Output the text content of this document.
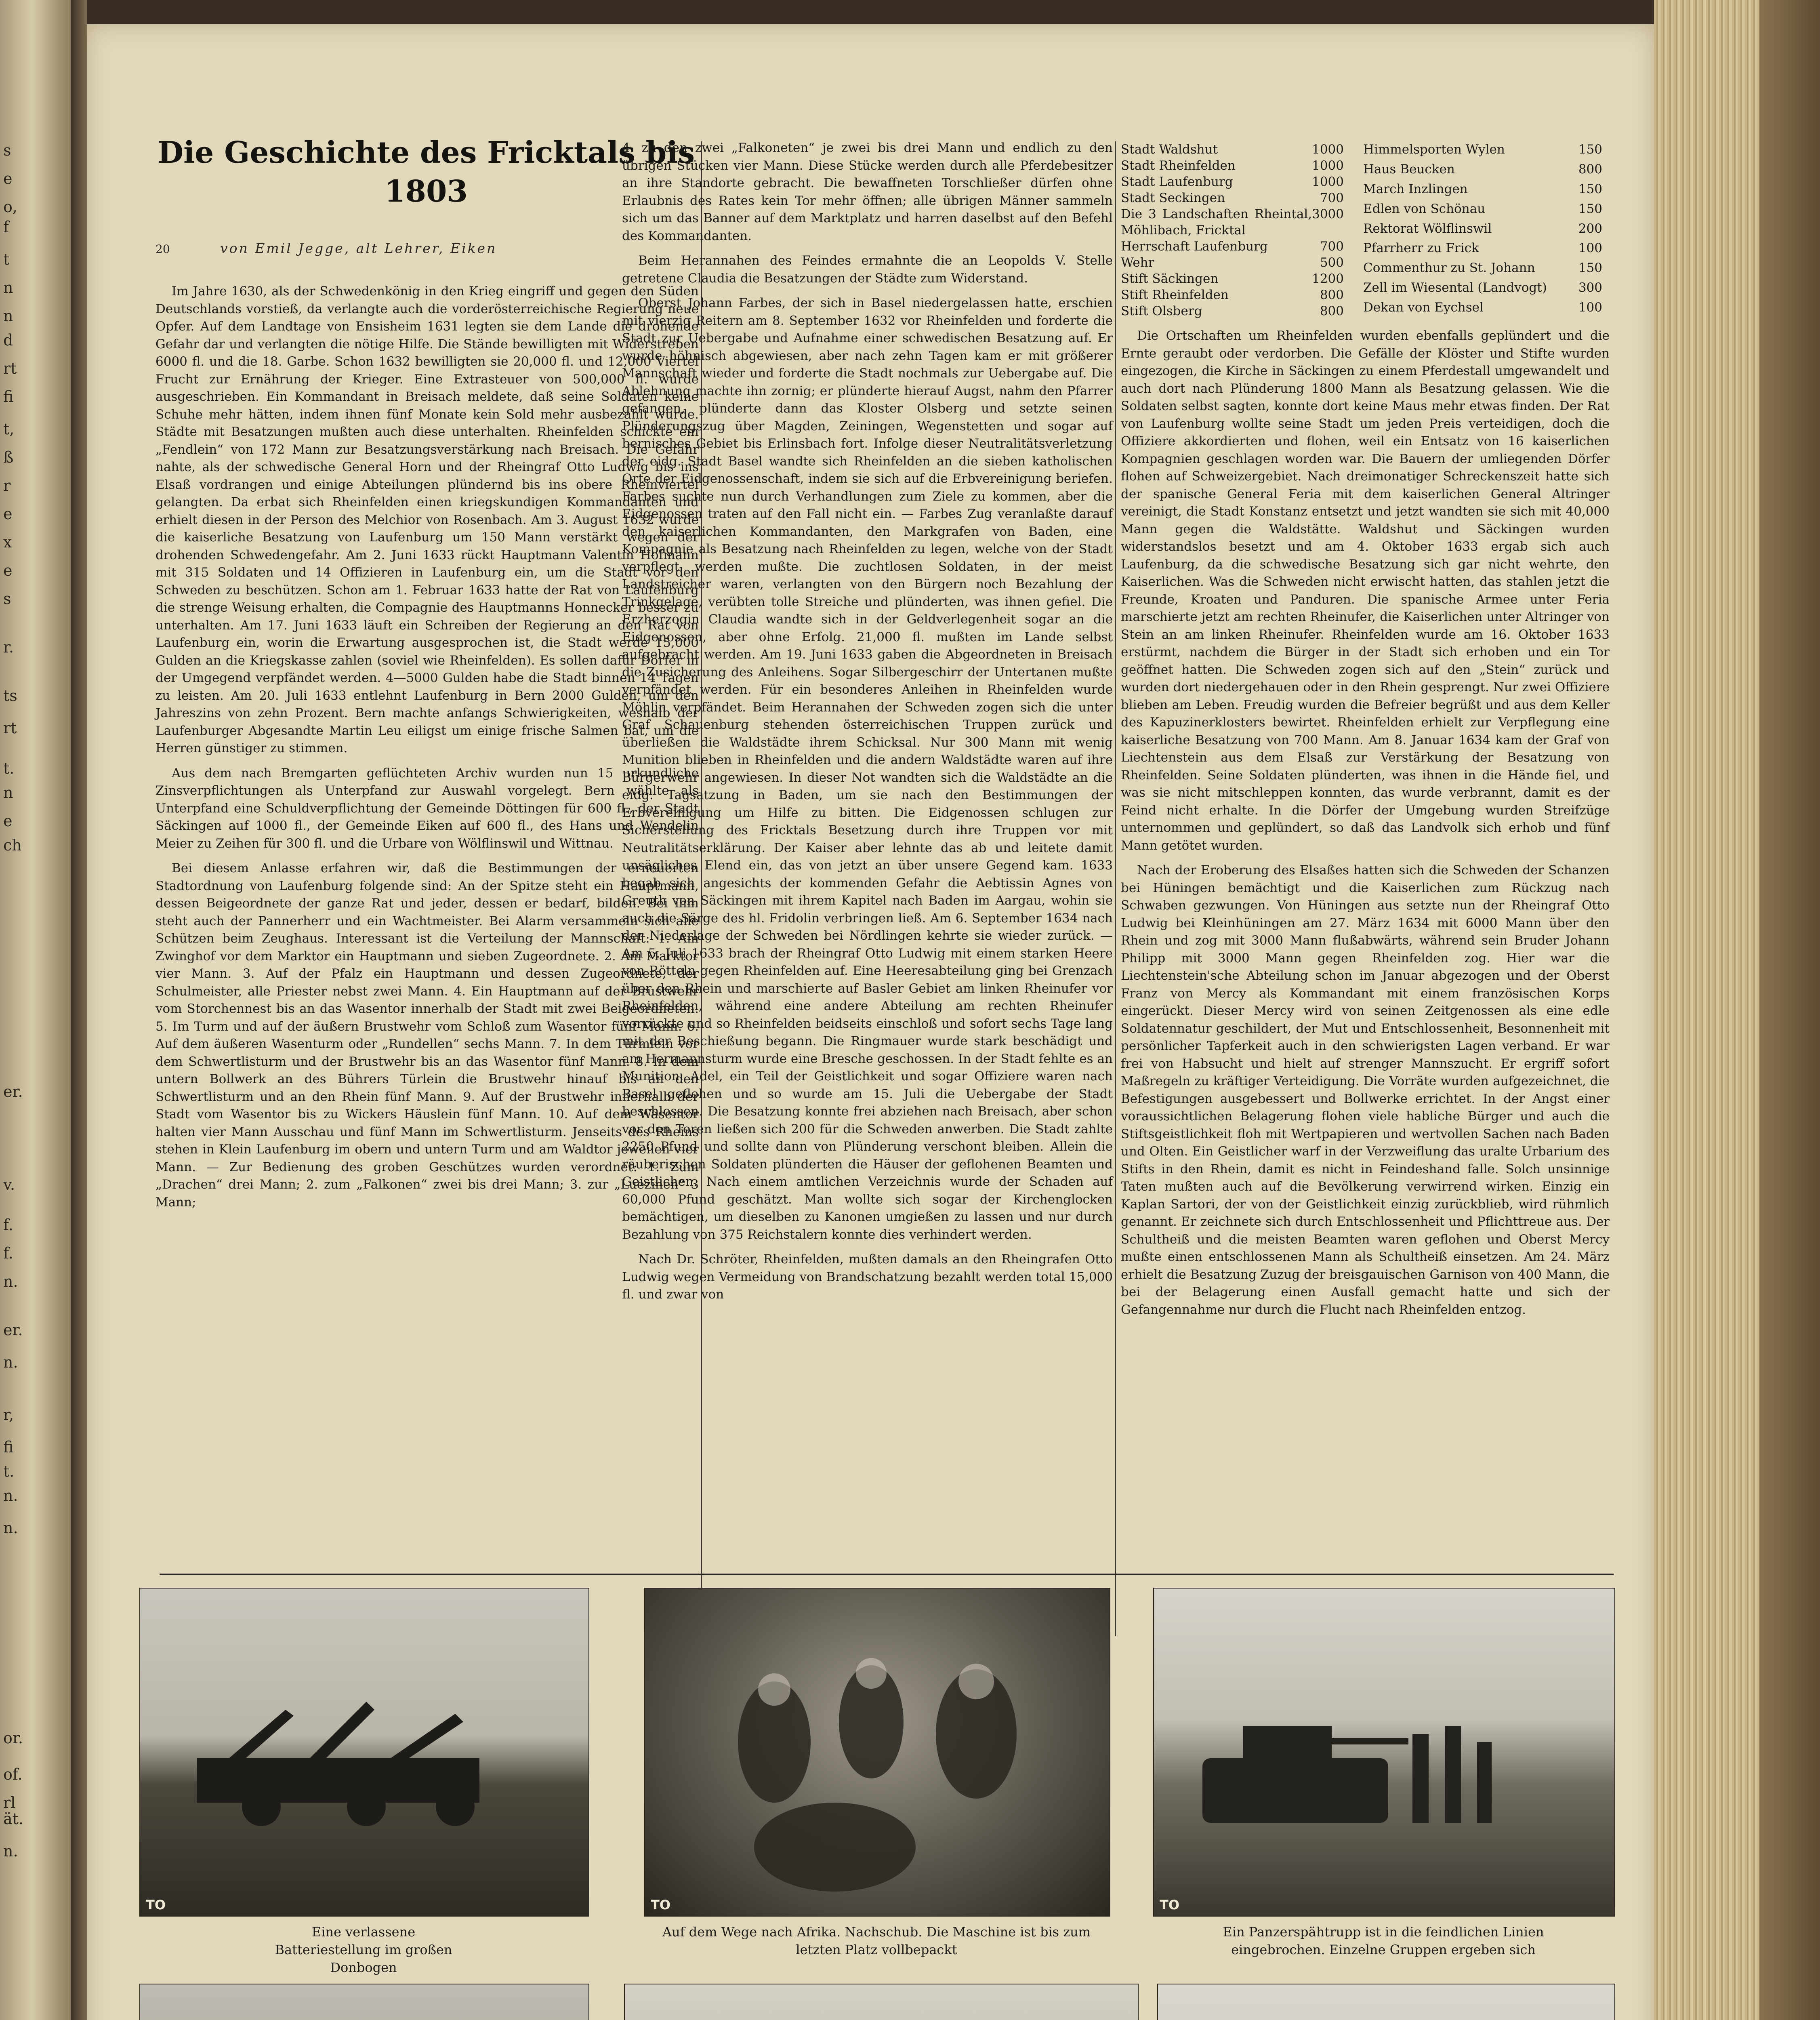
s
e
o,
f
t
n
n
d
rt
fi
t,
ß
r
e
x
e
s
r.
ts
rt
t.
n
e
ch
er.
v.
f.
f.
n.
er.
n.
r,
fi
t.
n.
n.
or.
of.
rl
ät.
n.
Die Geschichte des Fricktals bis 1803
20	von Emil Jegge, alt Lehrer, Eiken

Im Jahre 1630, als der Schwedenkönig in den Krieg eingriff und gegen den Süden Deutschlands vorstieß, da verlangte auch die vorderösterreichische Regierung neue Opfer. Auf dem Landtage von Ensisheim 1631 legten sie dem Lande die drohende Gefahr dar und verlangten die nötige Hilfe. Die Stände bewilligten mit Widerstreben 6000 fl. und die 18. Garbe. Schon 1632 bewilligten sie 20,000 fl. und 12,000 Viertel Frucht zur Ernährung der Krieger. Eine Extrasteuer von 500,000 fl. wurde ausgeschrieben. Ein Kommandant in Breisach meldete, daß seine Soldaten keine Schuhe mehr hätten, indem ihnen fünf Monate kein Sold mehr ausbezahlt wurde. Städte mit Besatzungen mußten auch diese unterhalten. Rheinfelden schickte ein „Fendlein“ von 172 Mann zur Besatzungsverstärkung nach Breisach. Die Gefahr nahte, als der schwedische General Horn und der Rheingraf Otto Ludwig bis ins Elsaß vordrangen und einige Abteilungen plündernd bis ins obere Rheinviertel gelangten. Da erbat sich Rheinfelden einen kriegskundigen Kommandanten und erhielt diesen in der Person des Melchior von Rosenbach. Am 3. August 1632 wurde die kaiserliche Besatzung von Laufenburg um 150 Mann verstärkt wegen der drohenden Schwedengefahr. Am 2. Juni 1633 rückt Hauptmann Valentin Hofmann mit 315 Soldaten und 14 Offizieren in Laufenburg ein, um die Stadt vor den Schweden zu beschützen. Schon am 1. Februar 1633 hatte der Rat von Laufenburg die strenge Weisung erhalten, die Compagnie des Hauptmanns Honnecker besser zu unterhalten. Am 17. Juni 1633 läuft ein Schreiben der Regierung an den Rat von Laufenburg ein, worin die Erwartung ausgesprochen ist, die Stadt werde 15,000 Gulden an die Kriegskasse zahlen (soviel wie Rheinfelden). Es sollen dafür Dörfer in der Umgegend verpfändet werden. 4—5000 Gulden habe die Stadt binnen 14 Tagen zu leisten. Am 20. Juli 1633 entlehnt Laufenburg in Bern 2000 Gulden, um den Jahreszins von zehn Prozent. Bern machte anfangs Schwierigkeiten, weshalb der Laufenburger Abgesandte Martin Leu eiligst um einige frische Salmen bat, um die Herren günstiger zu stimmen.

Aus dem nach Bremgarten geflüchteten Archiv wurden nun 15 urkundliche Zinsverpflichtungen als Unterpfand zur Auswahl vorgelegt. Bern wählte als Unterpfand eine Schuldverpflichtung der Gemeinde Döttingen für 600 fl., der Stadt Säckingen auf 1000 fl., der Gemeinde Eiken auf 600 fl., des Hans und Wendelin Meier zu Zeihen für 300 fl. und die Urbare von Wölflinswil und Wittnau.

Bei diesem Anlasse erfahren wir, daß die Bestimmungen der erneuerten Stadtordnung von Laufenburg folgende sind: An der Spitze steht ein Hauptmann, dessen Beigeordnete der ganze Rat und jeder, dessen er bedarf, bilden. Bei ihm steht auch der Pannerherr und ein Wachtmeister. Bei Alarm versammeln sich alle Schützen beim Zeughaus. Interessant ist die Verteilung der Mannschaft: 1. Am Zwinghof vor dem Marktor ein Hauptmann und sieben Zugeordnete. 2. Am Marktor vier Mann. 3. Auf der Pfalz ein Hauptmann und dessen Zugeordnete, der Schulmeister, alle Priester nebst zwei Mann. 4. Ein Hauptmann auf der Brustwehr vom Storchennest bis an das Wasentor innerhalb der Stadt mit zwei Beigeordneten. 5. Im Turm und auf der äußern Brustwehr vom Schloß zum Wasentor fünf Mann. 6. Auf dem äußeren Wasenturm oder „Rundellen“ sechs Mann. 7. In dem Türmlein vor dem Schwertlisturm und der Brustwehr bis an das Wasentor fünf Mann. 8. In dem untern Bollwerk an des Bührers Türlein die Brustwehr hinauf bis an den Schwertlisturm und an den Rhein fünf Mann. 9. Auf der Brustwehr innerhalb der Stadt vom Wasentor bis zu Wickers Häuslein fünf Mann. 10. Auf dem Wasentor halten vier Mann Ausschau und fünf Mann im Schwertlisturm. Jenseits des Rheins stehen in Klein Laufenburg im obern und untern Turm und am Waldtor jeweilen vier Mann. — Zur Bedienung des groben Geschützes wurden verordnet: 1. Zum „Drachen“ drei Mann; 2. zum „Falkonen“ zwei bis drei Mann; 3. zur „Luezinen“ 3 Mann;

4. zu den zwei „Falkoneten“ je zwei bis drei Mann und endlich zu den übrigen Stücken vier Mann. Diese Stücke werden durch alle Pferdebesitzer an ihre Standorte gebracht. Die bewaffneten Torschließer dürfen ohne Erlaubnis des Rates kein Tor mehr öffnen; alle übrigen Männer sammeln sich um das Banner auf dem Marktplatz und harren daselbst auf den Befehl des Kommandanten.

Beim Herannahen des Feindes ermahnte die an Leopolds V. Stelle getretene Claudia die Besatzungen der Städte zum Widerstand.

Oberst Johann Farbes, der sich in Basel niedergelassen hatte, erschien mit vierzig Reitern am 8. September 1632 vor Rheinfelden und forderte die Stadt zur Uebergabe und Aufnahme einer schwedischen Besatzung auf. Er wurde höhnisch abgewiesen, aber nach zehn Tagen kam er mit größerer Mannschaft wieder und forderte die Stadt nochmals zur Uebergabe auf. Die Ablehnung machte ihn zornig; er plünderte hierauf Augst, nahm den Pfarrer gefangen, plünderte dann das Kloster Olsberg und setzte seinen Plünderungszug über Magden, Zeiningen, Wegenstetten und sogar auf bernisches Gebiet bis Erlinsbach fort. Infolge dieser Neutralitätsverletzung der eidg. Stadt Basel wandte sich Rheinfelden an die sieben katholischen Orte der Eidgenossenschaft, indem sie sich auf die Erbvereinigung beriefen. Farbes suchte nun durch Verhandlungen zum Ziele zu kommen, aber die Eidgenossen traten auf den Fall nicht ein. — Farbes Zug veranlaßte darauf den kaiserlichen Kommandanten, den Markgrafen von Baden, eine Kompagnie als Besatzung nach Rheinfelden zu legen, welche von der Stadt verpflegt werden mußte. Die zuchtlosen Soldaten, in der meist Landstreicher waren, verlangten von den Bürgern noch Bezahlung der Trinkgelage, verübten tolle Streiche und plünderten, was ihnen gefiel. Die Erzherzogin Claudia wandte sich in der Geldverlegenheit sogar an die Eidgenossen, aber ohne Erfolg. 21,000 fl. mußten im Lande selbst aufgebracht werden. Am 19. Juni 1633 gaben die Abgeordneten in Breisach die Zusicherung des Anleihens. Sogar Silbergeschirr der Untertanen mußte verpfändet werden. Für ein besonderes Anleihen in Rheinfelden wurde Möhlin verpfändet. Beim Herannahen der Schweden zogen sich die unter Graf Schauenburg stehenden österreichischen Truppen zurück und überließen die Waldstädte ihrem Schicksal. Nur 300 Mann mit wenig Munition blieben in Rheinfelden und die andern Waldstädte waren auf ihre Bürgerwehr angewiesen. In dieser Not wandten sich die Waldstädte an die eidg. Tagsatzung in Baden, um sie nach den Bestimmungen der Erbvereinigung um Hilfe zu bitten. Die Eidgenossen schlugen zur Sicherstellung des Fricktals Besetzung durch ihre Truppen vor mit Neutralitätserklärung. Der Kaiser aber lehnte das ab und leitete damit unsägliches Elend ein, das von jetzt an über unsere Gegend kam. 1633 begab sich angesichts der kommenden Gefahr die Aebtissin Agnes von Greuth von Säckingen mit ihrem Kapitel nach Baden im Aargau, wohin sie auch die Särge des hl. Fridolin verbringen ließ. Am 6. September 1634 nach der Niederlage der Schweden bei Nördlingen kehrte sie wieder zurück. — Am 5. Juli 1633 brach der Rheingraf Otto Ludwig mit einem starken Heere von Rötteln gegen Rheinfelden auf. Eine Heeresabteilung ging bei Grenzach über den Rhein und marschierte auf Basler Gebiet am linken Rheinufer vor Rheinfelden, während eine andere Abteilung am rechten Rheinufer vorrückte und so Rheinfelden beidseits einschloß und sofort sechs Tage lang mit der Beschießung begann. Die Ringmauer wurde stark beschädigt und am Hermannsturm wurde eine Bresche geschossen. In der Stadt fehlte es an Munition. Adel, ein Teil der Geistlichkeit und sogar Offiziere waren nach Basel geflohen und so wurde am 15. Juli die Uebergabe der Stadt beschlossen. Die Besatzung konnte frei abziehen nach Breisach, aber schon vor den Toren ließen sich 200 für die Schweden anwerben. Die Stadt zahlte 2250 Pfund und sollte dann von Plünderung verschont bleiben. Allein die räuberischen Soldaten plünderten die Häuser der geflohenen Beamten und Geistlichen. Nach einem amtlichen Verzeichnis wurde der Schaden auf 60,000 Pfund geschätzt. Man wollte sich sogar der Kirchenglocken bemächtigen, um dieselben zu Kanonen umgießen zu lassen und nur durch Bezahlung von 375 Reichstalern konnte dies verhindert werden.

Nach Dr. Schröter, Rheinfelden, mußten damals an den Rheingrafen Otto Ludwig wegen Vermeidung von Brandschatzung bezahlt werden total 15,000 fl. und zwar von

Stadt Waldshut	1000
Stadt Rheinfelden	1000
Stadt Laufenburg	1000
Stadt Seckingen	700
Die 3 Landschaften Rheintal, Möhlibach, Fricktal	3000
Herrschaft Laufenburg	700
Wehr	500
Stift Säckingen	1200
Stift Rheinfelden	800
Stift Olsberg	800
Himmelsporten Wylen	150
Haus Beucken	800
March Inzlingen	150
Edlen von Schönau	150
Rektorat Wölflinswil	200
Pfarrherr zu Frick	100
Commenthur zu St. Johann	150
Zell im Wiesental (Landvogt)	300
Dekan von Eychsel	100

Die Ortschaften um Rheinfelden wurden ebenfalls geplündert und die Ernte geraubt oder verdorben. Die Gefälle der Klöster und Stifte wurden eingezogen, die Kirche in Säckingen zu einem Pferdestall umgewandelt und auch dort nach Plünderung 1800 Mann als Besatzung gelassen. Wie die Soldaten selbst sagten, konnte dort keine Maus mehr etwas finden. Der Rat von Laufenburg wollte seine Stadt um jeden Preis verteidigen, doch die Offiziere akkordierten und flohen, weil ein Entsatz von 16 kaiserlichen Kompagnien geschlagen worden war. Die Bauern der umliegenden Dörfer flohen auf Schweizergebiet. Nach dreimonatiger Schreckenszeit hatte sich der spanische General Feria mit dem kaiserlichen General Altringer vereinigt, die Stadt Konstanz entsetzt und jetzt wandten sie sich mit 40,000 Mann gegen die Waldstätte. Waldshut und Säckingen wurden widerstandslos besetzt und am 4. Oktober 1633 ergab sich auch Laufenburg, da die schwedische Besatzung sich gar nicht wehrte, den Kaiserlichen. Was die Schweden nicht erwischt hatten, das stahlen jetzt die Freunde, Kroaten und Panduren. Die spanische Armee unter Feria marschierte jetzt am rechten Rheinufer, die Kaiserlichen unter Altringer von Stein an am linken Rheinufer. Rheinfelden wurde am 16. Oktober 1633 erstürmt, nachdem die Bürger in der Stadt sich erhoben und ein Tor geöffnet hatten. Die Schweden zogen sich auf den „Stein“ zurück und wurden dort niedergehauen oder in den Rhein gesprengt. Nur zwei Offiziere blieben am Leben. Freudig wurden die Befreier begrüßt und aus dem Keller des Kapuzinerklosters bewirtet. Rheinfelden erhielt zur Verpflegung eine kaiserliche Besatzung von 700 Mann. Am 8. Januar 1634 kam der Graf von Liechtenstein aus dem Elsaß zur Verstärkung der Besatzung von Rheinfelden. Seine Soldaten plünderten, was ihnen in die Hände fiel, und was sie nicht mitschleppen konnten, das wurde verbrannt, damit es der Feind nicht erhalte. In die Dörfer der Umgebung wurden Streifzüge unternommen und geplündert, so daß das Landvolk sich erhob und fünf Mann getötet wurden.

Nach der Eroberung des Elsaßes hatten sich die Schweden der Schanzen bei Hüningen bemächtigt und die Kaiserlichen zum Rückzug nach Schwaben gezwungen. Von Hüningen aus setzte nun der Rheingraf Otto Ludwig bei Kleinhüningen am 27. März 1634 mit 6000 Mann über den Rhein und zog mit 3000 Mann flußabwärts, während sein Bruder Johann Philipp mit 3000 Mann gegen Rheinfelden zog. Hier war die Liechtenstein'sche Abteilung schon im Januar abgezogen und der Oberst Franz von Mercy als Kommandant mit einem französischen Korps eingerückt. Dieser Mercy wird von seinen Zeitgenossen als eine edle Soldatennatur geschildert, der Mut und Entschlossenheit, Besonnenheit mit persönlicher Tapferkeit auch in den schwierigsten Lagen verband. Er war frei von Habsucht und hielt auf strenger Mannszucht. Er ergriff sofort Maßregeln zu kräftiger Verteidigung. Die Vorräte wurden aufgezeichnet, die Befestigungen ausgebessert und Bollwerke errichtet. In der Angst einer voraussichtlichen Belagerung flohen viele habliche Bürger und auch die Stiftsgeistlichkeit floh mit Wertpapieren und wertvollen Sachen nach Baden und Olten. Ein Geistlicher warf in der Verzweiflung das uralte Urbarium des Stifts in den Rhein, damit es nicht in Feindeshand falle. Solch unsinnige Taten mußten auch auf die Bevölkerung verwirrend wirken. Einzig ein Kaplan Sartori, der von der Geistlichkeit einzig zurückblieb, wird rühmlich genannt. Er zeichnete sich durch Entschlossenheit und Pflichttreue aus. Der Schultheiß und die meisten Beamten waren geflohen und Oberst Mercy mußte einen entschlossenen Mann als Schultheiß einsetzen. Am 24. März erhielt die Besatzung Zuzug der breisgauischen Garnison von 400 Mann, die bei der Belagerung einen Ausfall gemacht hatte und sich der Gefangennahme nur durch die Flucht nach Rheinfelden entzog.

TO
Eine verlassene Batteriestellung im großen Donbogen
TO
Auf dem Wege nach Afrika. Nachschub. Die Maschine ist bis zum letzten Platz vollbepackt
TO
Ein Panzerspähtrupp ist in die feindlichen Linien eingebrochen. Einzelne Gruppen ergeben sich
